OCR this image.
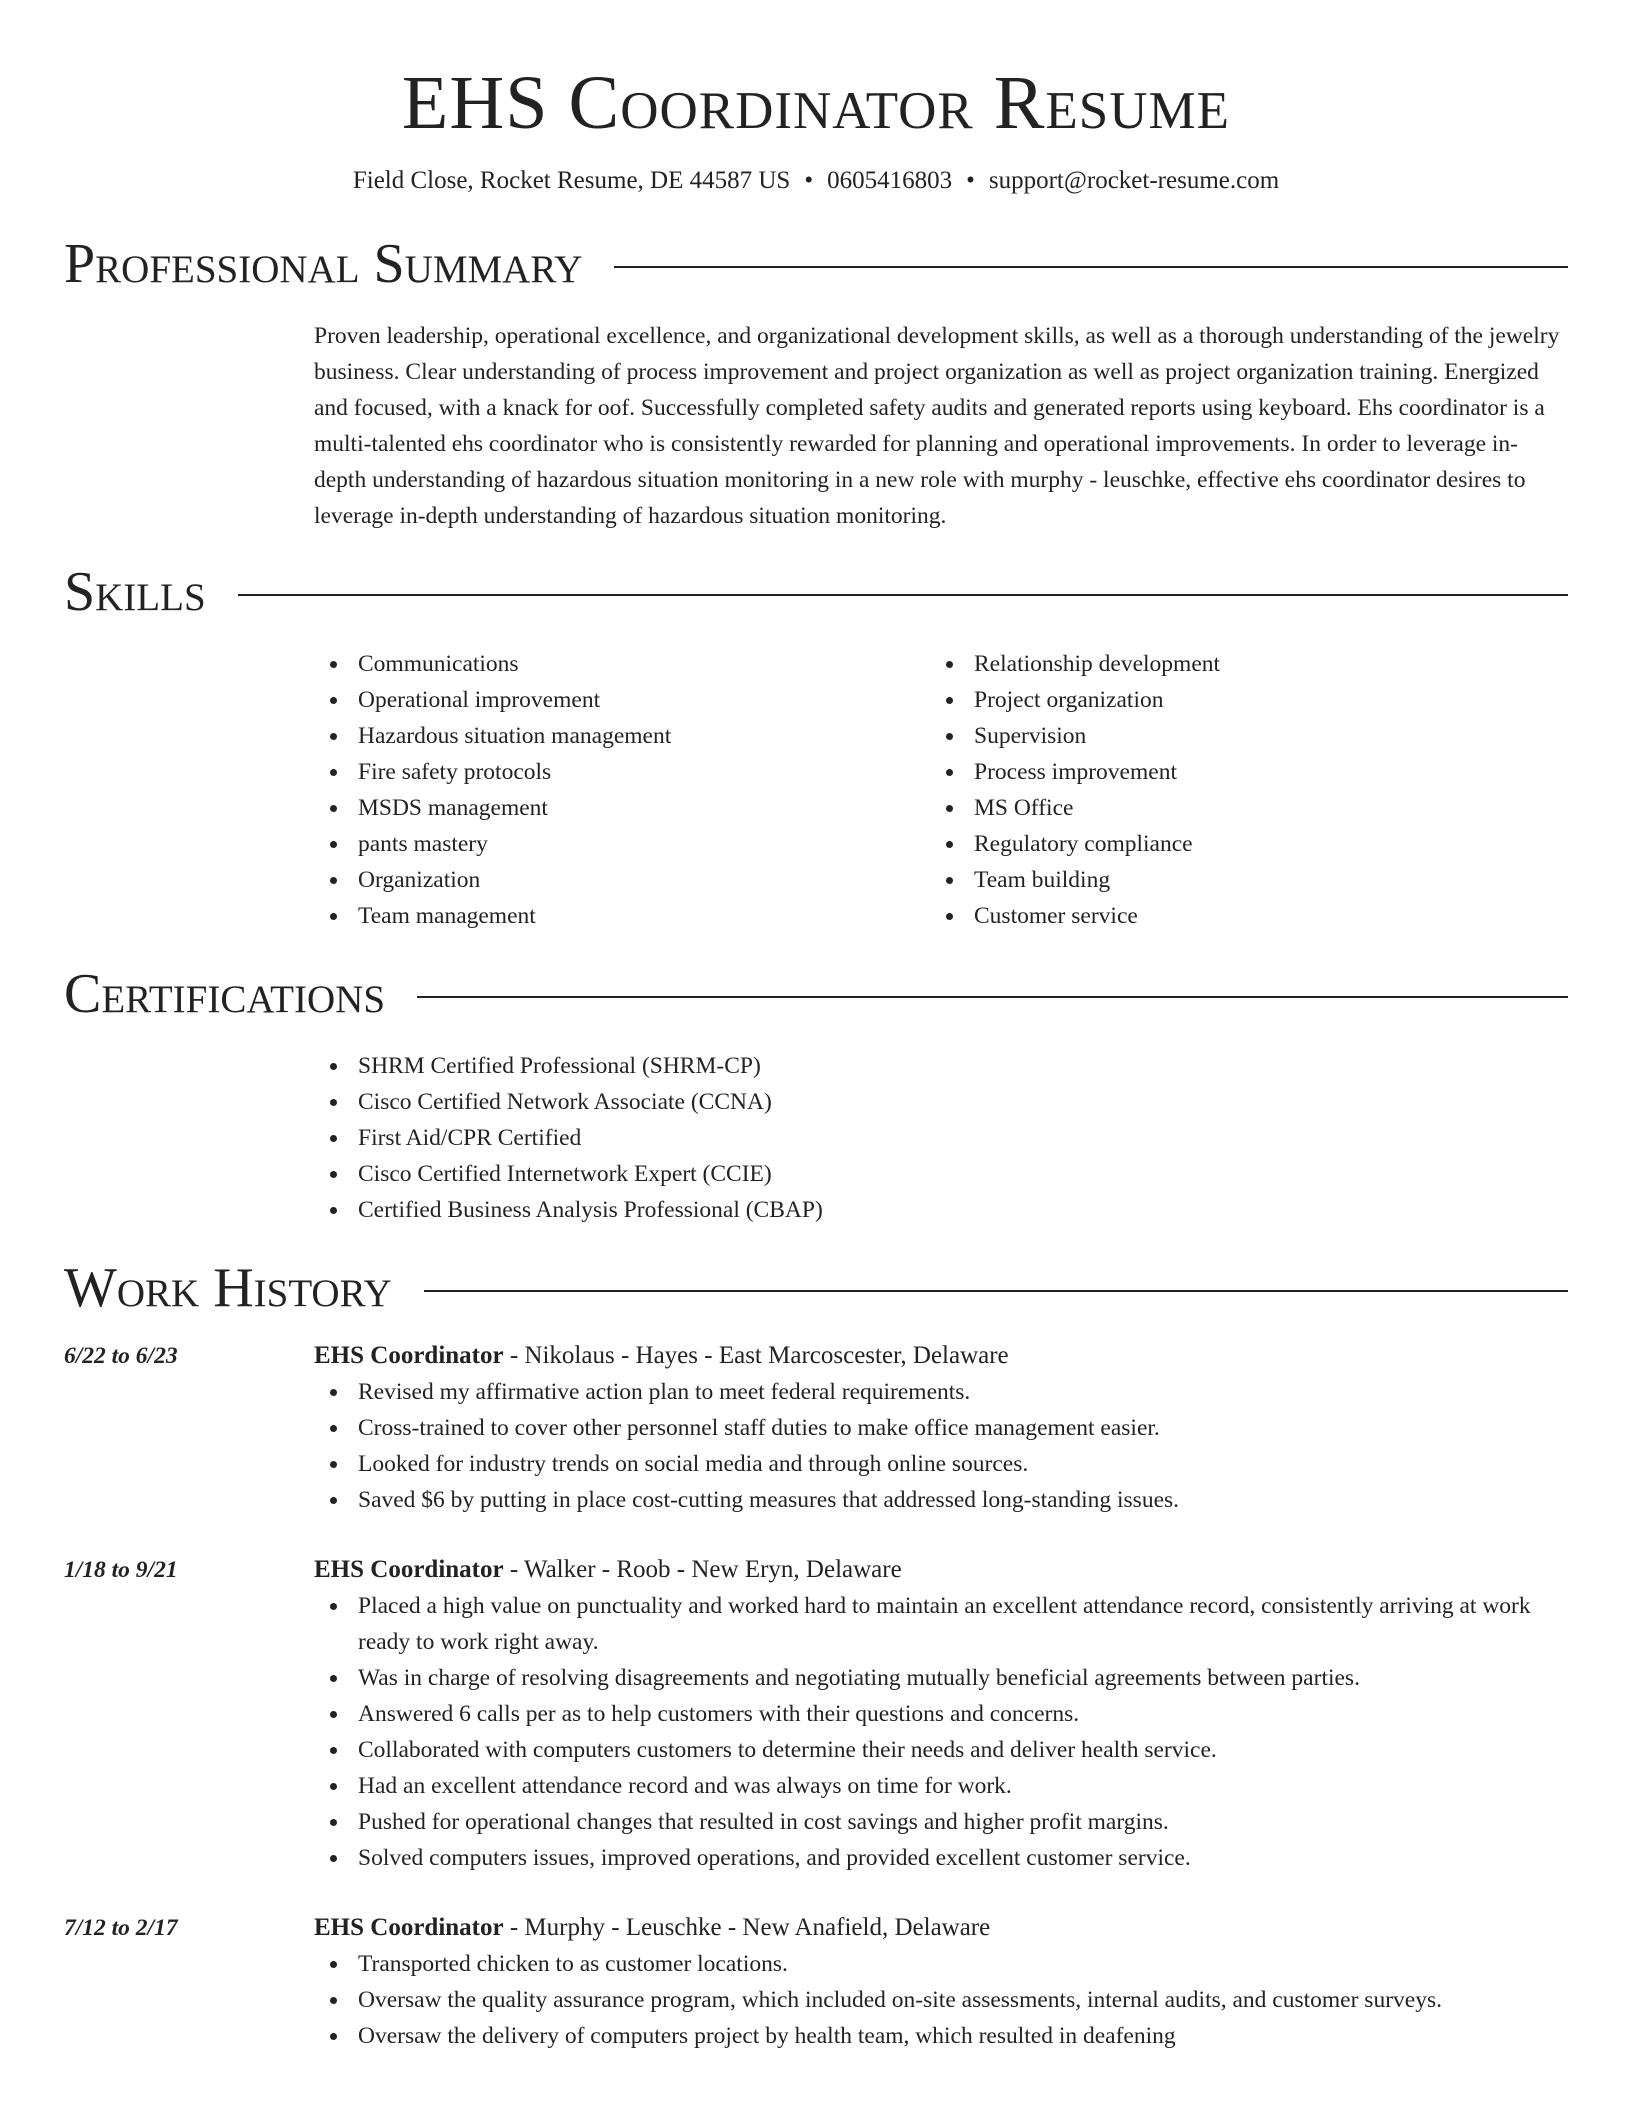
EHS Coordinator Resume
Field Close, Rocket Resume, DE 44587 US • 0605416803 • support@rocket-resume.com
Professional Summary
Proven leadership, operational excellence, and organizational development skills, as well as a thorough understanding of the jewelry business. Clear understanding of process improvement and project organization as well as project organization training. Energized and focused, with a knack for oof. Successfully completed safety audits and generated reports using keyboard. Ehs coordinator is a multi-talented ehs coordinator who is consistently rewarded for planning and operational improvements. In order to leverage in-depth understanding of hazardous situation monitoring in a new role with murphy - leuschke, effective ehs coordinator desires to leverage in-depth understanding of hazardous situation monitoring.
Skills
Communications
Operational improvement
Hazardous situation management
Fire safety protocols
MSDS management
pants mastery
Organization
Team management
Relationship development
Project organization
Supervision
Process improvement
MS Office
Regulatory compliance
Team building
Customer service
Certifications
SHRM Certified Professional (SHRM-CP)
Cisco Certified Network Associate (CCNA)
First Aid/CPR Certified
Cisco Certified Internetwork Expert (CCIE)
Certified Business Analysis Professional (CBAP)
Work History
6/22 to 6/23	EHS Coordinator - Nikolaus - Hayes - East Marcoscester, Delaware
Revised my affirmative action plan to meet federal requirements.
Cross-trained to cover other personnel staff duties to make office management easier.
Looked for industry trends on social media and through online sources.
Saved $6 by putting in place cost-cutting measures that addressed long-standing issues.
1/18 to 9/21	EHS Coordinator - Walker - Roob - New Eryn, Delaware
Placed a high value on punctuality and worked hard to maintain an excellent attendance record, consistently arriving at work ready to work right away.
Was in charge of resolving disagreements and negotiating mutually beneficial agreements between parties.
Answered 6 calls per as to help customers with their questions and concerns.
Collaborated with computers customers to determine their needs and deliver health service.
Had an excellent attendance record and was always on time for work.
Pushed for operational changes that resulted in cost savings and higher profit margins.
Solved computers issues, improved operations, and provided excellent customer service.
7/12 to 2/17	EHS Coordinator - Murphy - Leuschke - New Anafield, Delaware
Transported chicken to as customer locations.
Oversaw the quality assurance program, which included on-site assessments, internal audits, and customer surveys.
Oversaw the delivery of computers project by health team, which resulted in deafening
